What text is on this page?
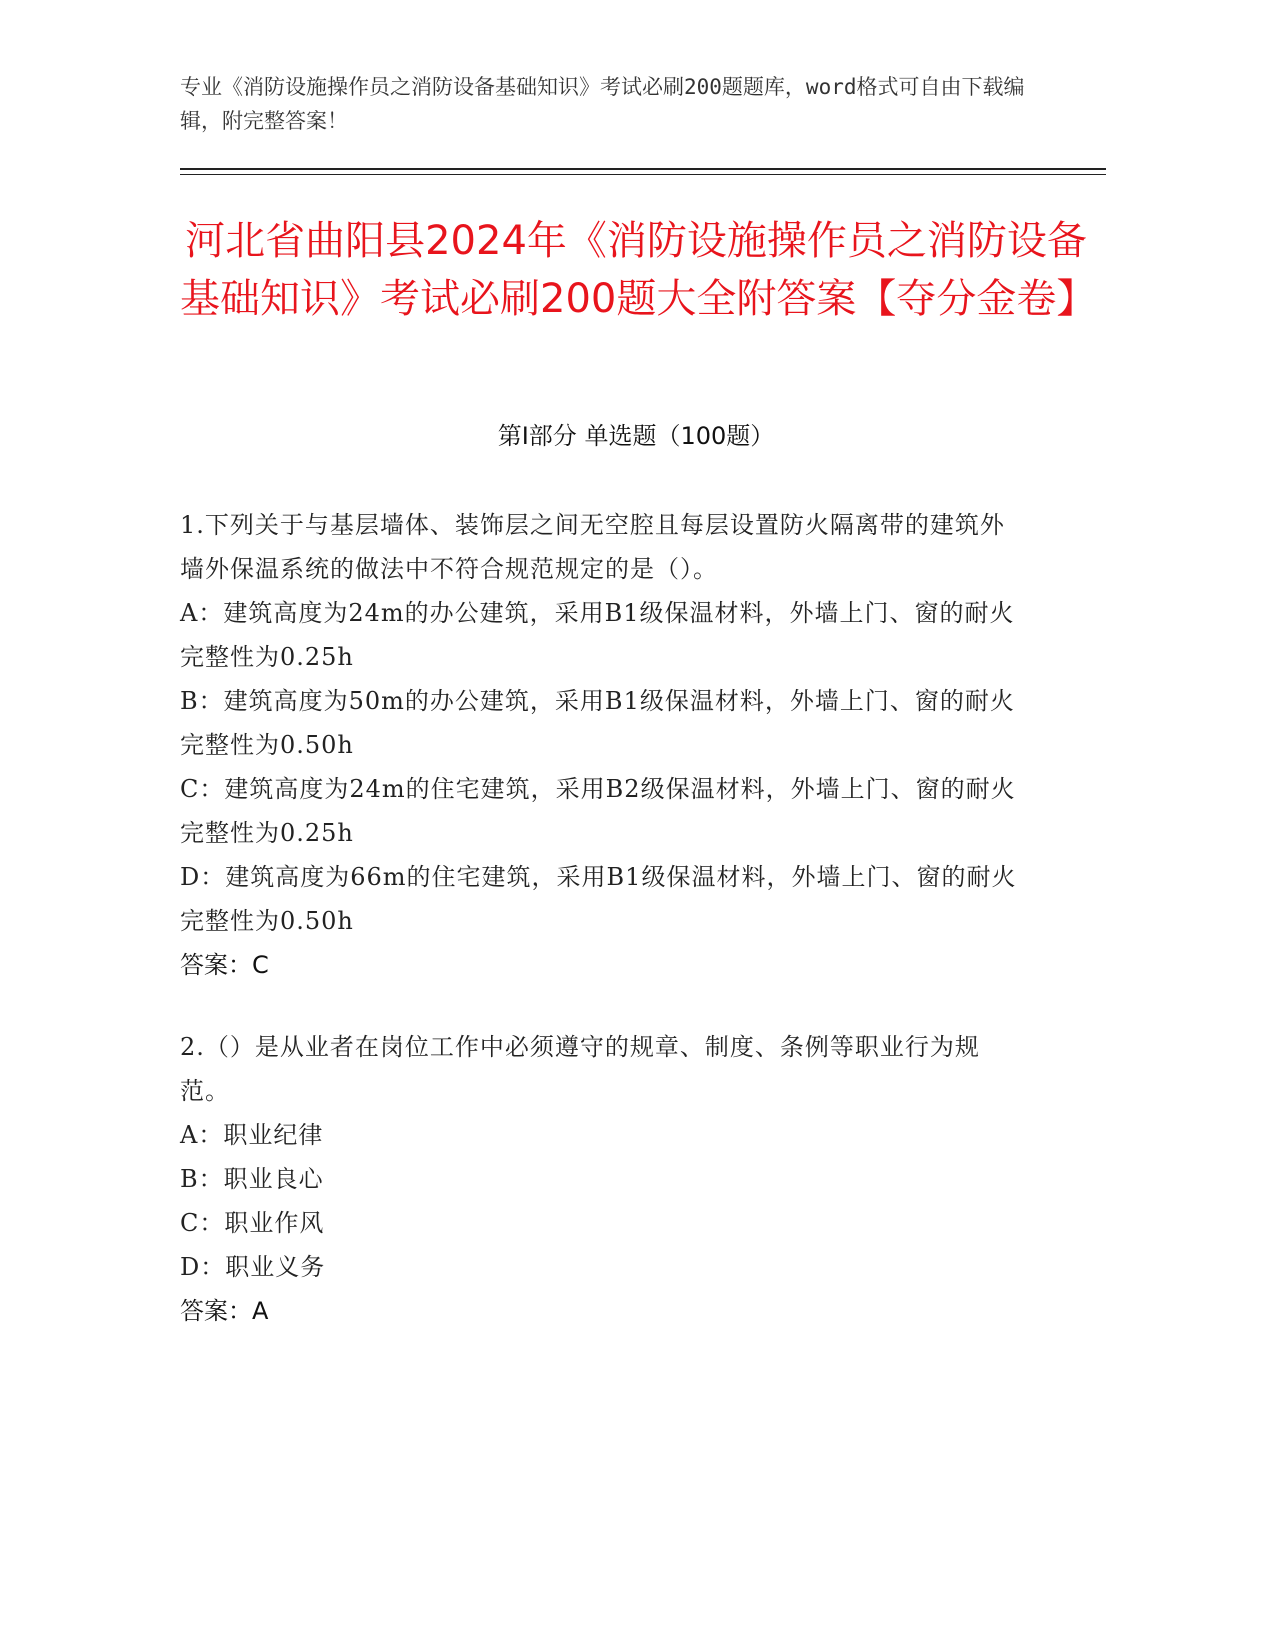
专业《消防设施操作员之消防设备基础知识》考试必刷200题题库，word格式可自由下载编辑，附完整答案！
河北省曲阳县2024年《消防设施操作员之消防设备基础知识》考试必刷200题大全附答案【夺分金卷】
第Ⅰ部分 单选题（100题）

1.下列关于与基层墙体、装饰层之间无空腔且每层设置防火隔离带的建筑外墙外保温系统的做法中不符合规范规定的是（）。

A：建筑高度为24m的办公建筑，采用B1级保温材料，外墙上门、窗的耐火完整性为0.25h

B：建筑高度为50m的办公建筑，采用B1级保温材料，外墙上门、窗的耐火完整性为0.50h

C：建筑高度为24m的住宅建筑，采用B2级保温材料，外墙上门、窗的耐火完整性为0.25h

D：建筑高度为66m的住宅建筑，采用B1级保温材料，外墙上门、窗的耐火完整性为0.50h

答案：C

2.（）是从业者在岗位工作中必须遵守的规章、制度、条例等职业行为规范。

A：职业纪律

B：职业良心

C：职业作风

D：职业义务

答案：A
